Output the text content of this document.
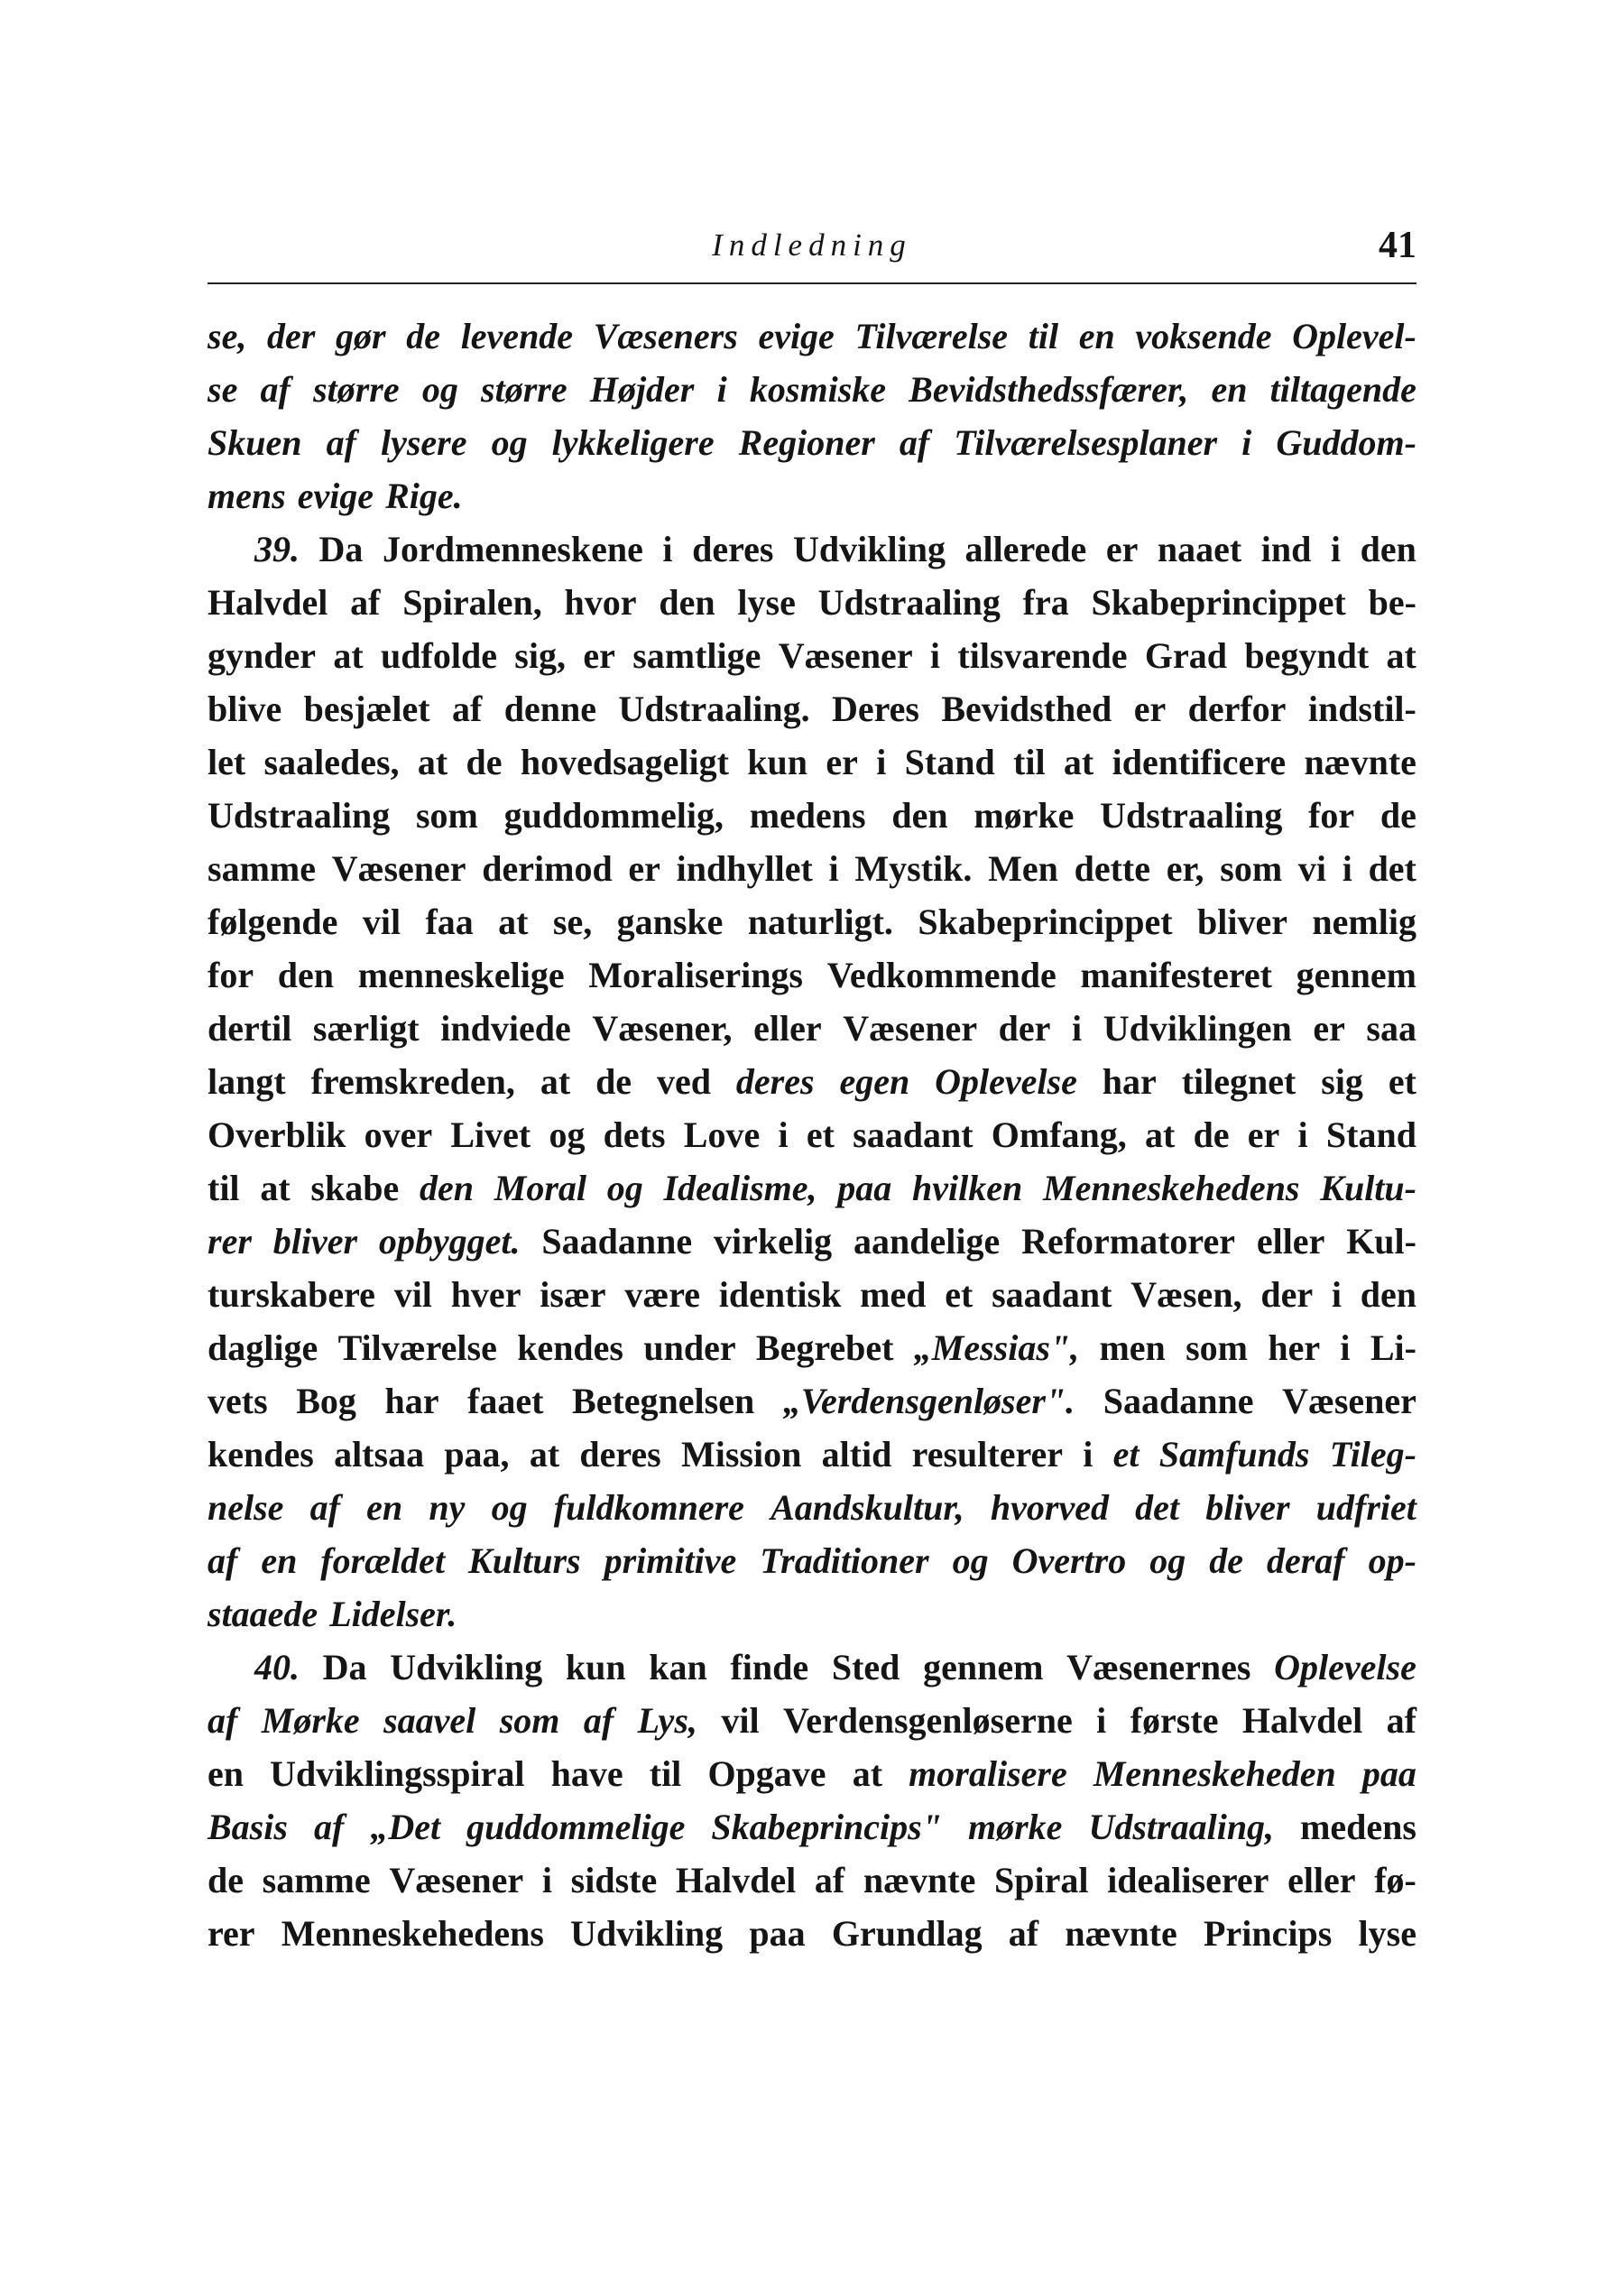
Indledning	41
se, der gør de levende Væseners evige Tilværelse til en voksende Oplevel-
se af større og større Højder i kosmiske Bevidsthedssfærer, en tiltagende
Skuen af lysere og lykkeligere Regioner af Tilværelsesplaner i Guddom-
mens evige Rige.
39. Da Jordmenneskene i deres Udvikling allerede er naaet ind i den
Halvdel af Spiralen, hvor den lyse Udstraaling fra Skabeprincippet be-
gynder at udfolde sig, er samtlige Væsener i tilsvarende Grad begyndt at
blive besjælet af denne Udstraaling. Deres Bevidsthed er derfor indstil-
let saaledes, at de hovedsageligt kun er i Stand til at identificere nævnte
Udstraaling som guddommelig, medens den mørke Udstraaling for de
samme Væsener derimod er indhyllet i Mystik. Men dette er, som vi i det
følgende vil faa at se, ganske naturligt. Skabeprincippet bliver nemlig
for den menneskelige Moraliserings Vedkommende manifesteret gennem
dertil særligt indviede Væsener, eller Væsener der i Udviklingen er saa
langt fremskreden, at de ved deres egen Oplevelse har tilegnet sig et
Overblik over Livet og dets Love i et saadant Omfang, at de er i Stand
til at skabe den Moral og Idealisme, paa hvilken Menneskehedens Kultu-
rer bliver opbygget. Saadanne virkelig aandelige Reformatorer eller Kul-
turskabere vil hver især være identisk med et saadant Væsen, der i den
daglige Tilværelse kendes under Begrebet „Messias", men som her i Li-
vets Bog har faaet Betegnelsen „Verdensgenløser". Saadanne Væsener
kendes altsaa paa, at deres Mission altid resulterer i et Samfunds Tileg-
nelse af en ny og fuldkomnere Aandskultur, hvorved det bliver udfriet
af en forældet Kulturs primitive Traditioner og Overtro og de deraf op-
staaede Lidelser.
40. Da Udvikling kun kan finde Sted gennem Væsenernes Oplevelse
af Mørke saavel som af Lys, vil Verdensgenløserne i første Halvdel af
en Udviklingsspiral have til Opgave at moralisere Menneskeheden paa
Basis af „Det guddommelige Skabeprincips" mørke Udstraaling, medens
de samme Væsener i sidste Halvdel af nævnte Spiral idealiserer eller fø-
rer Menneskehedens Udvikling paa Grundlag af nævnte Princips lyse
